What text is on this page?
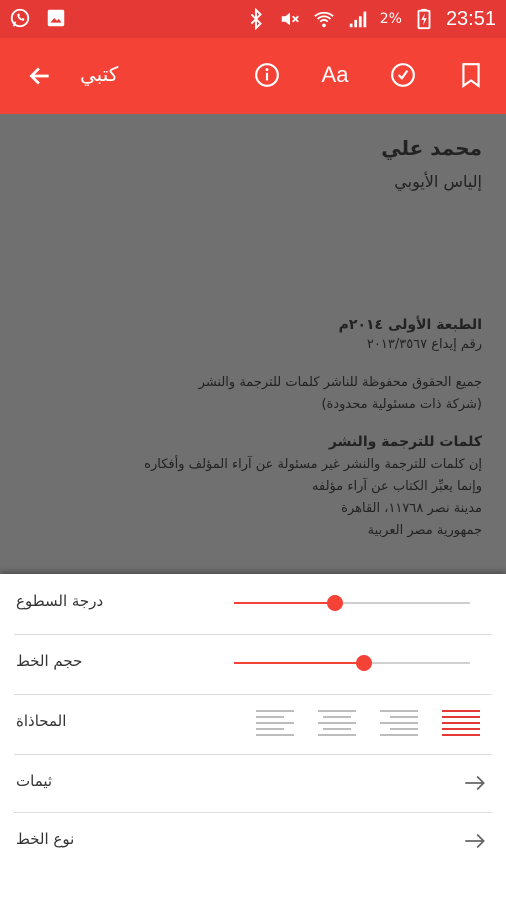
2% 23:51
كتبي	Aa
محمد علي
إلياس الأيوبي
الطبعة الأولى ٢٠١٤م
رقم إيداع ٢٠١٣/٣٥٦٧
جميع الحقوق محفوظة للناشر كلمات للترجمة والنشر
(شركة ذات مسئولية محدودة)
كلمات للترجمة والنشر
إن كلمات للترجمة والنشر غير مسئولة عن آراء المؤلف وأفكاره
وإنما يعبِّر الكتاب عن آراء مؤلفه
مدينة نصر ١١٧٦٨، القاهرة
جمهورية مصر العربية
درجة السطوع
حجم الخط
المحاذاة
ثيمات
نوع الخط
